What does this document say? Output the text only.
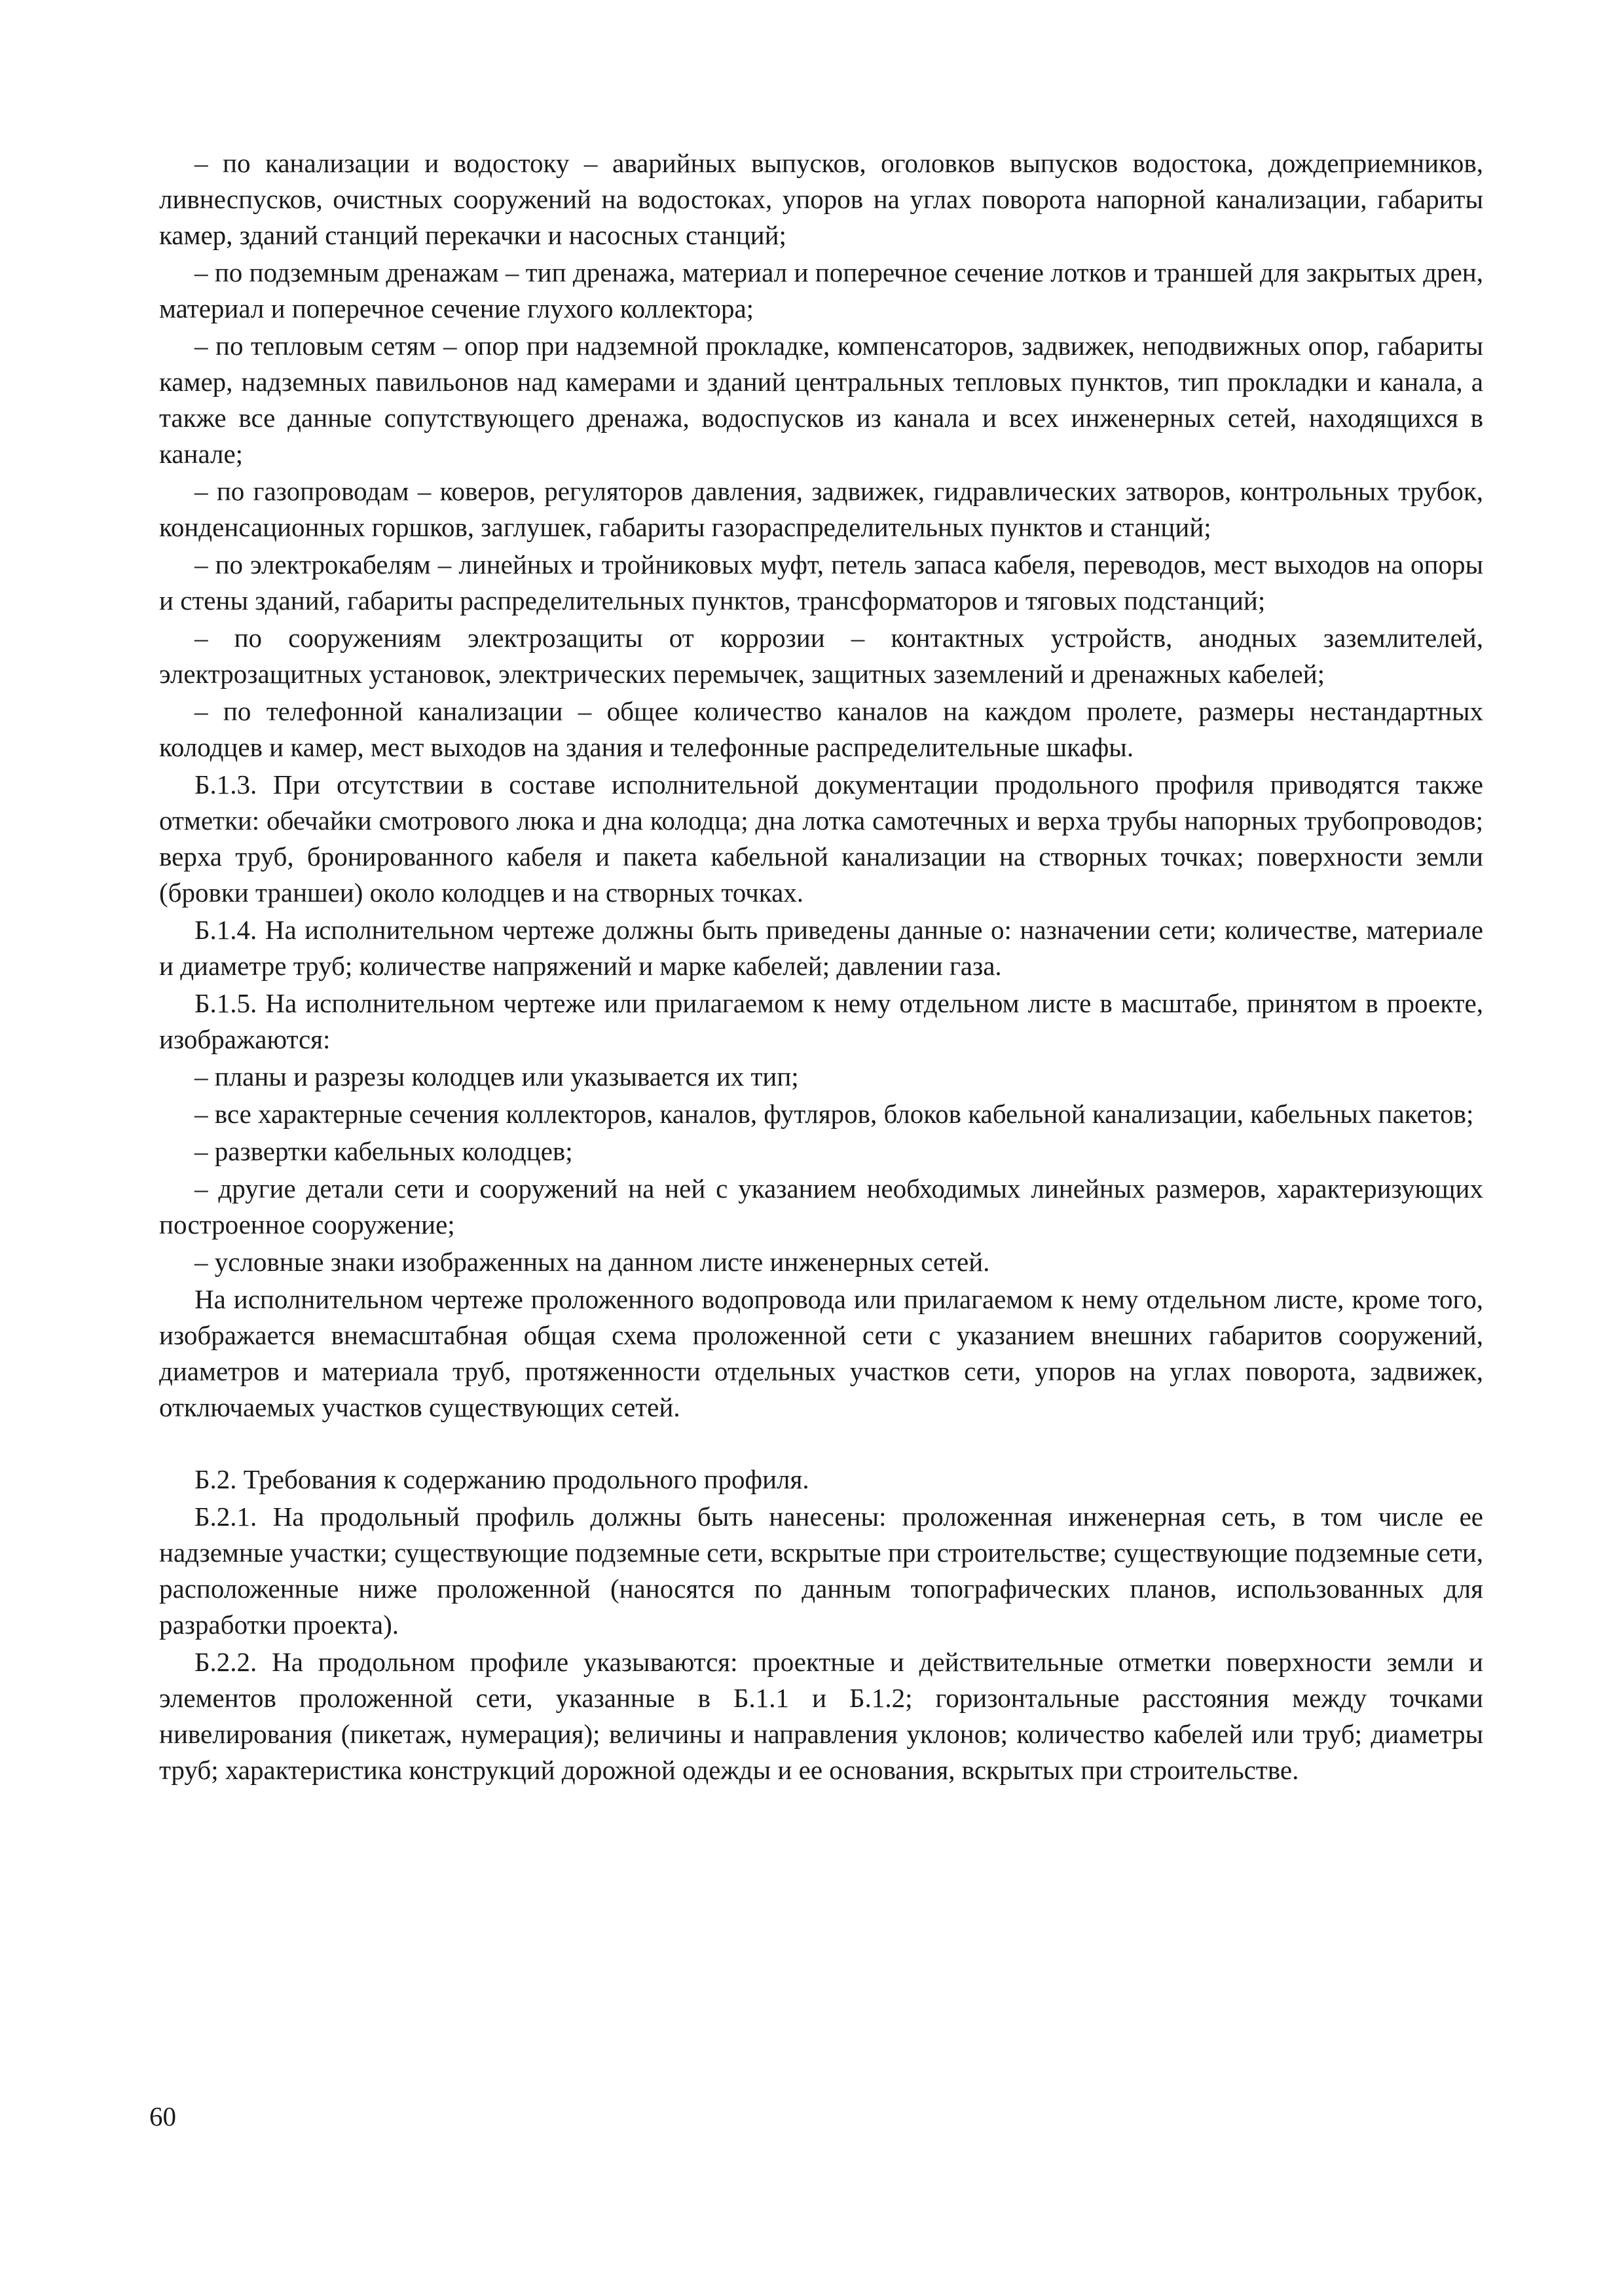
– по канализации и водостоку – аварийных выпусков, оголовков выпусков водостока, дождеприемников, ливнеспусков, очистных сооружений на водостоках, упоров на углах поворота напорной канализации, габариты камер, зданий станций перекачки и насосных станций;

– по подземным дренажам – тип дренажа, материал и поперечное сечение лотков и траншей для закрытых дрен, материал и поперечное сечение глухого коллектора;

– по тепловым сетям – опор при надземной прокладке, компенсаторов, задвижек, неподвижных опор, габариты камер, надземных павильонов над камерами и зданий центральных тепловых пунктов, тип прокладки и канала, а также все данные сопутствующего дренажа, водоспусков из канала и всех инженерных сетей, находящихся в канале;

– по газопроводам – коверов, регуляторов давления, задвижек, гидравлических затворов, контрольных трубок, конденсационных горшков, заглушек, габариты газораспределительных пунктов и станций;

– по электрокабелям – линейных и тройниковых муфт, петель запаса кабеля, переводов, мест выходов на опоры и стены зданий, габариты распределительных пунктов, трансформаторов и тяговых подстанций;

– по сооружениям электрозащиты от коррозии – контактных устройств, анодных заземлителей, электрозащитных установок, электрических перемычек, защитных заземлений и дренажных кабелей;

– по телефонной канализации – общее количество каналов на каждом пролете, размеры нестандартных колодцев и камер, мест выходов на здания и телефонные распределительные шкафы.

Б.1.3. При отсутствии в составе исполнительной документации продольного профиля приводятся также отметки: обечайки смотрового люка и дна колодца; дна лотка самотечных и верха трубы напорных трубопроводов; верха труб, бронированного кабеля и пакета кабельной канализации на створных точках; поверхности земли (бровки траншеи) около колодцев и на створных точках.

Б.1.4. На исполнительном чертеже должны быть приведены данные о: назначении сети; количестве, материале и диаметре труб; количестве напряжений и марке кабелей; давлении газа.

Б.1.5. На исполнительном чертеже или прилагаемом к нему отдельном листе в масштабе, принятом в проекте, изображаются:

– планы и разрезы колодцев или указывается их тип;

– все характерные сечения коллекторов, каналов, футляров, блоков кабельной канализации, кабельных пакетов;

– развертки кабельных колодцев;

– другие детали сети и сооружений на ней с указанием необходимых линейных размеров, характеризующих построенное сооружение;

– условные знаки изображенных на данном листе инженерных сетей.

На исполнительном чертеже проложенного водопровода или прилагаемом к нему отдельном листе, кроме того, изображается внемасштабная общая схема проложенной сети с указанием внешних габаритов сооружений, диаметров и материала труб, протяженности отдельных участков сети, упоров на углах поворота, задвижек, отключаемых участков существующих сетей.

Б.2. Требования к содержанию продольного профиля.

Б.2.1. На продольный профиль должны быть нанесены: проложенная инженерная сеть, в том числе ее надземные участки; существующие подземные сети, вскрытые при строительстве; существующие подземные сети, расположенные ниже проложенной (наносятся по данным топографических планов, использованных для разработки проекта).

Б.2.2. На продольном профиле указываются: проектные и действительные отметки поверхности земли и элементов проложенной сети, указанные в Б.1.1 и Б.1.2; горизонтальные расстояния между точками нивелирования (пикетаж, нумерация); величины и направления уклонов; количество кабелей или труб; диаметры труб; характеристика конструкций дорожной одежды и ее основания, вскрытых при строительстве.

60
